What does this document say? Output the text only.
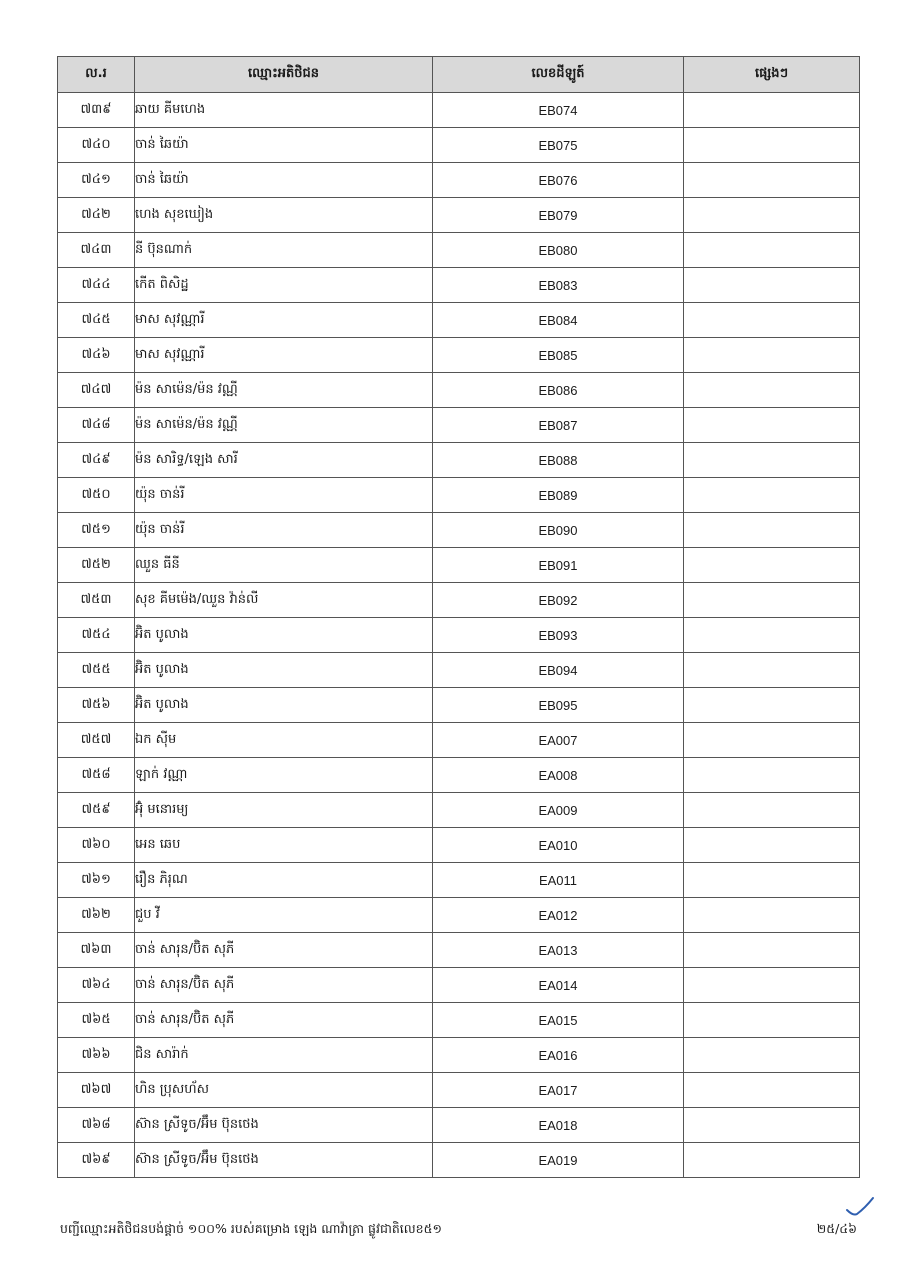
ល.រ	ឈ្មោះអតិថិជន	លេខដីឡូត៍	ផ្សេងៗ
៧៣៩	ឆាយ គីមហេង	EB074	
៧៤០	ចាន់ ឆៃយ៉ា	EB075	
៧៤១	ចាន់ ឆៃយ៉ា	EB076	
៧៤២	ហេង សុខឃៀង	EB079	
៧៤៣	នី ប៊ុនណាក់	EB080	
៧៤៤	កើត ពិសិដ្ឋ	EB083	
៧៤៥	មាស សុវណ្ណារី	EB084	
៧៤៦	មាស សុវណ្ណារី	EB085	
៧៤៧	ម៉ន សាម៉េន/ម៉ន វណ្ណី	EB086	
៧៤៨	ម៉ន សាម៉េន/ម៉ន វណ្ណី	EB087	
៧៤៩	ម៉ន សារិទ្ធ/ឡេង សារី	EB088	
៧៥០	យ៉ុន ចាន់រី	EB089	
៧៥១	យ៉ុន ចាន់រី	EB090	
៧៥២	ឈួន ធីនី	EB091	
៧៥៣	សុខ គីមម៉េង/ឈួន វ៉ាន់លី	EB092	
៧៥៤	អ៊ិត បូលាង	EB093	
៧៥៥	អ៊ិត បូលាង	EB094	
៧៥៦	អ៊ិត បូលាង	EB095	
៧៥៧	ឯក ស៊ីម	EA007	
៧៥៨	ឡាក់ វណ្ណា	EA008	
៧៥៩	អ៊ុំ មនោរម្យ	EA009	
៧៦០	អេន ឆេប	EA010	
៧៦១	រឿន ភិរុណ	EA011	
៧៦២	ជួប វី	EA012	
៧៦៣	ចាន់ សារុន/ប៊ិត សុភី	EA013	
៧៦៤	ចាន់ សារុន/ប៊ិត សុភី	EA014	
៧៦៥	ចាន់ សារុន/ប៊ិត សុភី	EA015	
៧៦៦	ជិន សារ៉ាក់	EA016	
៧៦៧	ហិន ប្រុសហ័ស	EA017	
៧៦៨	ស៊ាន ស្រីទូច/អ៊ឹម ប៊ុនថេង	EA018	
៧៦៩	ស៊ាន ស្រីទូច/អ៊ឹម ប៊ុនថេង	EA019	
បញ្ជីឈ្មោះអតិថិជនបង់ផ្តាច់ ១០០% របស់គម្រោង ឡេង ណាវ៉ាត្រា ផ្លូវជាតិលេខ៥១	២៥/៤៦
